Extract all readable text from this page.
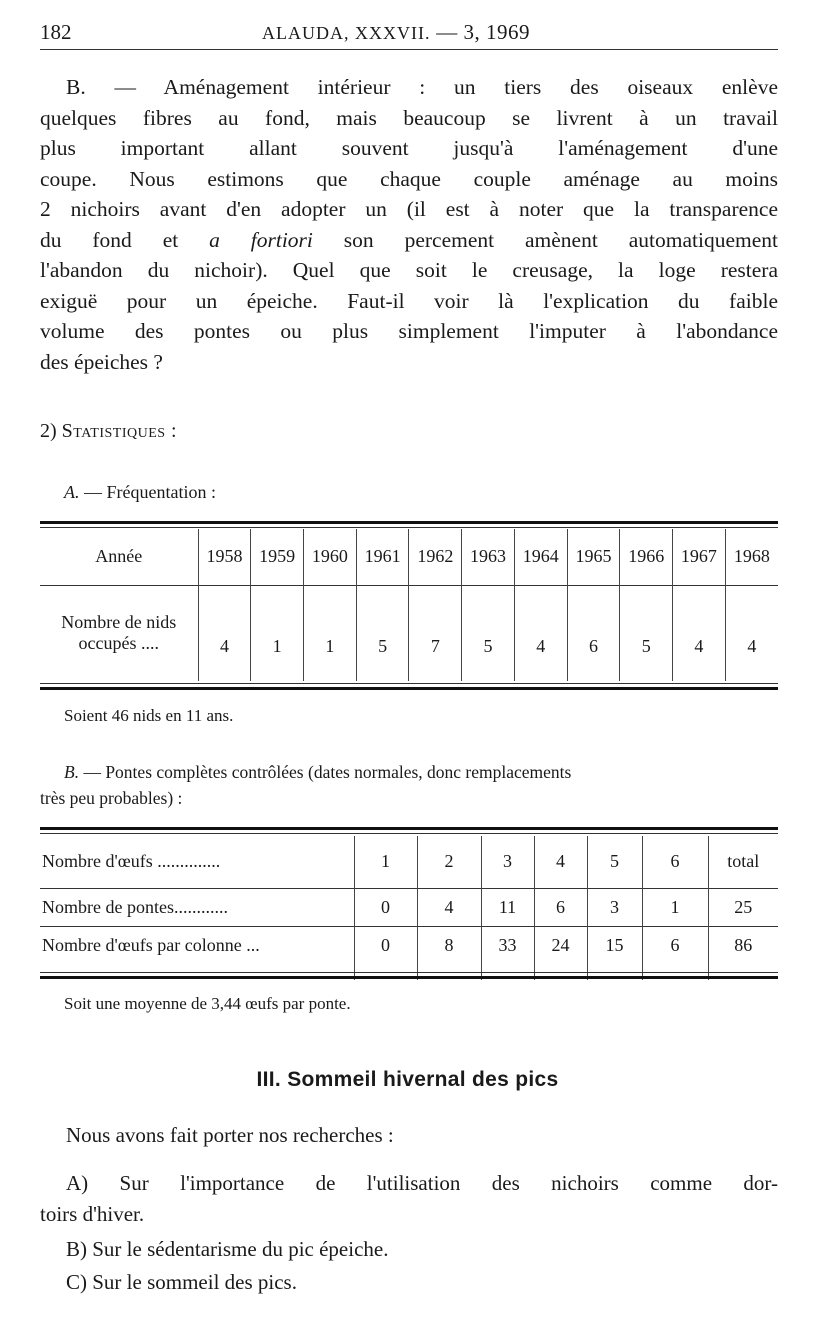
182	ALAUDA, XXXVII. — 3, 1969
B. — Aménagement intérieur : un tiers des oiseaux enlève
quelques fibres au fond, mais beaucoup se livrent à un travail
plus important allant souvent jusqu'à l'aménagement d'une
coupe. Nous estimons que chaque couple aménage au moins
2 nichoirs avant d'en adopter un (il est à noter que la transparence
du fond et a fortiori son percement amènent automatiquement
l'abandon du nichoir). Quel que soit le creusage, la loge restera
exiguë pour un épeiche. Faut-il voir là l'explication du faible
volume des pontes ou plus simplement l'imputer à l'abondance
des épeiches ?
2) Statistiques :
A. — Fréquentation :
Année	1958	1959	1960	1961	1962	1963	1964	1965	1966	1967	1968

Nombre de nids
occupés ....	4	1	1	5	7	5	4	6	5	4	4
Soient 46 nids en 11 ans.
B. — Pontes complètes contrôlées (dates normales, donc remplacements
très peu probables) :
Nombre d'œufs ..............	1	2	3	4	5	6	total
Nombre de pontes............	0	4	11	6	3	1	25
Nombre d'œufs par colonne ...	0	8	33	24	15	6	86
Soit une moyenne de 3,44 œufs par ponte.
III. Sommeil hivernal des pics
Nous avons fait porter nos recherches :
A) Sur l'importance de l'utilisation des nichoirs comme dor-
toirs d'hiver.
B) Sur le sédentarisme du pic épeiche.
C) Sur le sommeil des pics.
